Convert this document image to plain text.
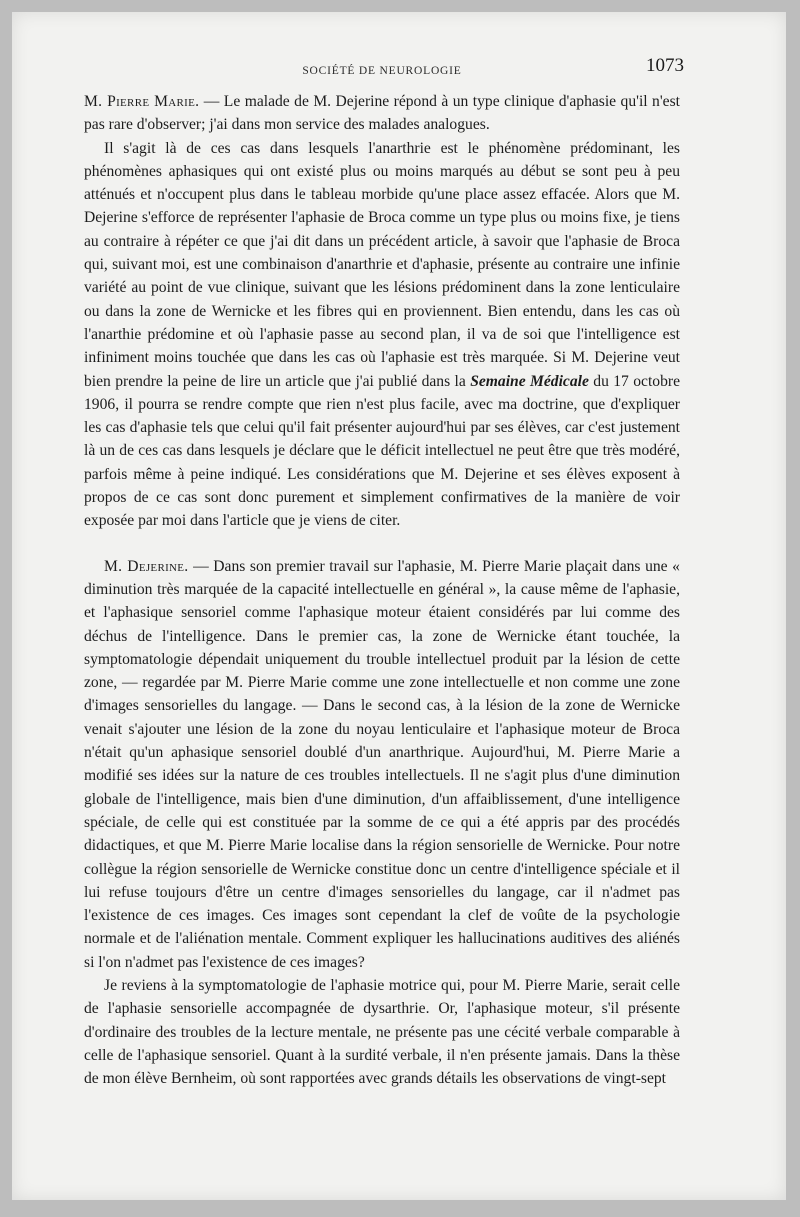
SOCIÉTÉ DE NEUROLOGIE	1073

M. Pierre Marie. — Le malade de M. Dejerine répond à un type clinique d'aphasie qu'il n'est pas rare d'observer; j'ai dans mon service des malades analogues.

Il s'agit là de ces cas dans lesquels l'anarthrie est le phénomène prédominant, les phénomènes aphasiques qui ont existé plus ou moins marqués au début se sont peu à peu atténués et n'occupent plus dans le tableau morbide qu'une place assez effacée. Alors que M. Dejerine s'efforce de représenter l'aphasie de Broca comme un type plus ou moins fixe, je tiens au contraire à répéter ce que j'ai dit dans un précédent article, à savoir que l'aphasie de Broca qui, suivant moi, est une combinaison d'anarthrie et d'aphasie, présente au contraire une infinie variété au point de vue clinique, suivant que les lésions prédominent dans la zone lenticulaire ou dans la zone de Wernicke et les fibres qui en proviennent. Bien entendu, dans les cas où l'anarthie prédomine et où l'aphasie passe au second plan, il va de soi que l'intelligence est infiniment moins touchée que dans les cas où l'aphasie est très marquée. Si M. Dejerine veut bien prendre la peine de lire un article que j'ai publié dans la Semaine Médicale du 17 octobre 1906, il pourra se rendre compte que rien n'est plus facile, avec ma doctrine, que d'expliquer les cas d'aphasie tels que celui qu'il fait présenter aujourd'hui par ses élèves, car c'est justement là un de ces cas dans lesquels je déclare que le déficit intellectuel ne peut être que très modéré, parfois même à peine indiqué. Les considérations que M. Dejerine et ses élèves exposent à propos de ce cas sont donc purement et simplement confirmatives de la manière de voir exposée par moi dans l'article que je viens de citer.

M. Dejerine. — Dans son premier travail sur l'aphasie, M. Pierre Marie plaçait dans une « diminution très marquée de la capacité intellectuelle en général », la cause même de l'aphasie, et l'aphasique sensoriel comme l'aphasique moteur étaient considérés par lui comme des déchus de l'intelligence. Dans le premier cas, la zone de Wernicke étant touchée, la symptomatologie dépendait uniquement du trouble intellectuel produit par la lésion de cette zone, — regardée par M. Pierre Marie comme une zone intellectuelle et non comme une zone d'images sensorielles du langage. — Dans le second cas, à la lésion de la zone de Wernicke venait s'ajouter une lésion de la zone du noyau lenticulaire et l'aphasique moteur de Broca n'était qu'un aphasique sensoriel doublé d'un anarthrique. Aujourd'hui, M. Pierre Marie a modifié ses idées sur la nature de ces troubles intellectuels. Il ne s'agit plus d'une diminution globale de l'intelligence, mais bien d'une diminution, d'un affaiblissement, d'une intelligence spéciale, de celle qui est constituée par la somme de ce qui a été appris par des procédés didactiques, et que M. Pierre Marie localise dans la région sensorielle de Wernicke. Pour notre collègue la région sensorielle de Wernicke constitue donc un centre d'intelligence spéciale et il lui refuse toujours d'être un centre d'images sensorielles du langage, car il n'admet pas l'existence de ces images. Ces images sont cependant la clef de voûte de la psychologie normale et de l'aliénation mentale. Comment expliquer les hallucinations auditives des aliénés si l'on n'admet pas l'existence de ces images?

Je reviens à la symptomatologie de l'aphasie motrice qui, pour M. Pierre Marie, serait celle de l'aphasie sensorielle accompagnée de dysarthrie. Or, l'aphasique moteur, s'il présente d'ordinaire des troubles de la lecture mentale, ne présente pas une cécité verbale comparable à celle de l'aphasique sensoriel. Quant à la surdité verbale, il n'en présente jamais. Dans la thèse de mon élève Bernheim, où sont rapportées avec grands détails les observations de vingt-sept
